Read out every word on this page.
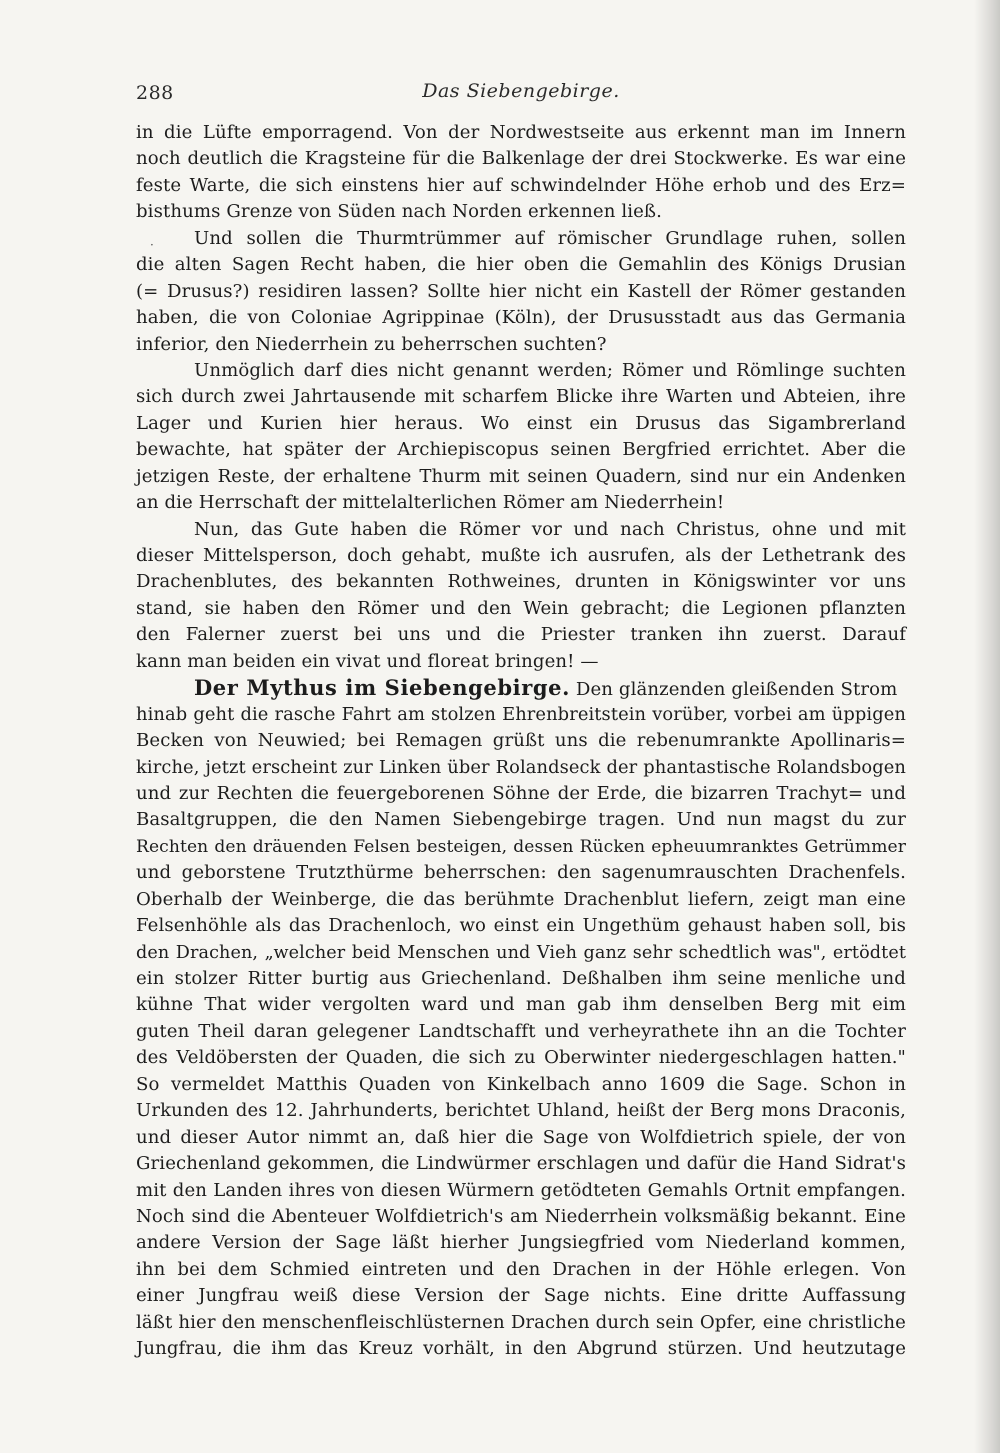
288	Das Siebengebirge.
·
in die Lüfte emporragend. Von der Nordwestseite aus erkennt man im Innern
noch deutlich die Kragsteine für die Balkenlage der drei Stockwerke. Es war eine
feste Warte, die sich einstens hier auf schwindelnder Höhe erhob und des Erz=
bisthums Grenze von Süden nach Norden erkennen ließ.
Und sollen die Thurmtrümmer auf römischer Grundlage ruhen, sollen
die alten Sagen Recht haben, die hier oben die Gemahlin des Königs Drusian
(= Drusus?) residiren lassen? Sollte hier nicht ein Kastell der Römer gestanden
haben, die von Coloniae Agrippinae (Köln), der Drususstadt aus das Germania
inferior, den Niederrhein zu beherrschen suchten?
Unmöglich darf dies nicht genannt werden; Römer und Römlinge suchten
sich durch zwei Jahrtausende mit scharfem Blicke ihre Warten und Abteien, ihre
Lager und Kurien hier heraus. Wo einst ein Drusus das Sigambrerland
bewachte, hat später der Archiepiscopus seinen Bergfried errichtet. Aber die
jetzigen Reste, der erhaltene Thurm mit seinen Quadern, sind nur ein Andenken
an die Herrschaft der mittelalterlichen Römer am Niederrhein!
Nun, das Gute haben die Römer vor und nach Christus, ohne und mit
dieser Mittelsperson, doch gehabt, mußte ich ausrufen, als der Lethetrank des
Drachenblutes, des bekannten Rothweines, drunten in Königswinter vor uns
stand, sie haben den Römer und den Wein gebracht; die Legionen pflanzten
den Falerner zuerst bei uns und die Priester tranken ihn zuerst. Darauf
kann man beiden ein vivat und floreat bringen! —
Der Mythus im Siebengebirge. Den glänzenden gleißenden Strom
hinab geht die rasche Fahrt am stolzen Ehrenbreitstein vorüber, vorbei am üppigen
Becken von Neuwied; bei Remagen grüßt uns die rebenumrankte Apollinaris=
kirche, jetzt erscheint zur Linken über Rolandseck der phantastische Rolandsbogen
und zur Rechten die feuergeborenen Söhne der Erde, die bizarren Trachyt= und
Basaltgruppen, die den Namen Siebengebirge tragen. Und nun magst du zur
Rechten den dräuenden Felsen besteigen, dessen Rücken epheuumranktes Getrümmer
und geborstene Trutzthürme beherrschen: den sagenumrauschten Drachenfels.
Oberhalb der Weinberge, die das berühmte Drachenblut liefern, zeigt man eine
Felsenhöhle als das Drachenloch, wo einst ein Ungethüm gehaust haben soll, bis
den Drachen, „welcher beid Menschen und Vieh ganz sehr schedtlich was", ertödtet
ein stolzer Ritter burtig aus Griechenland. Deßhalben ihm seine menliche und
kühne That wider vergolten ward und man gab ihm denselben Berg mit eim
guten Theil daran gelegener Landtschafft und verheyrathete ihn an die Tochter
des Veldöbersten der Quaden, die sich zu Oberwinter niedergeschlagen hatten."
So vermeldet Matthis Quaden von Kinkelbach anno 1609 die Sage. Schon in
Urkunden des 12. Jahrhunderts, berichtet Uhland, heißt der Berg mons Draconis,
und dieser Autor nimmt an, daß hier die Sage von Wolfdietrich spiele, der von
Griechenland gekommen, die Lindwürmer erschlagen und dafür die Hand Sidrat's
mit den Landen ihres von diesen Würmern getödteten Gemahls Ortnit empfangen.
Noch sind die Abenteuer Wolfdietrich's am Niederrhein volksmäßig bekannt. Eine
andere Version der Sage läßt hierher Jungsiegfried vom Niederland kommen,
ihn bei dem Schmied eintreten und den Drachen in der Höhle erlegen. Von
einer Jungfrau weiß diese Version der Sage nichts. Eine dritte Auffassung
läßt hier den menschenfleischlüsternen Drachen durch sein Opfer, eine christliche
Jungfrau, die ihm das Kreuz vorhält, in den Abgrund stürzen. Und heutzutage
